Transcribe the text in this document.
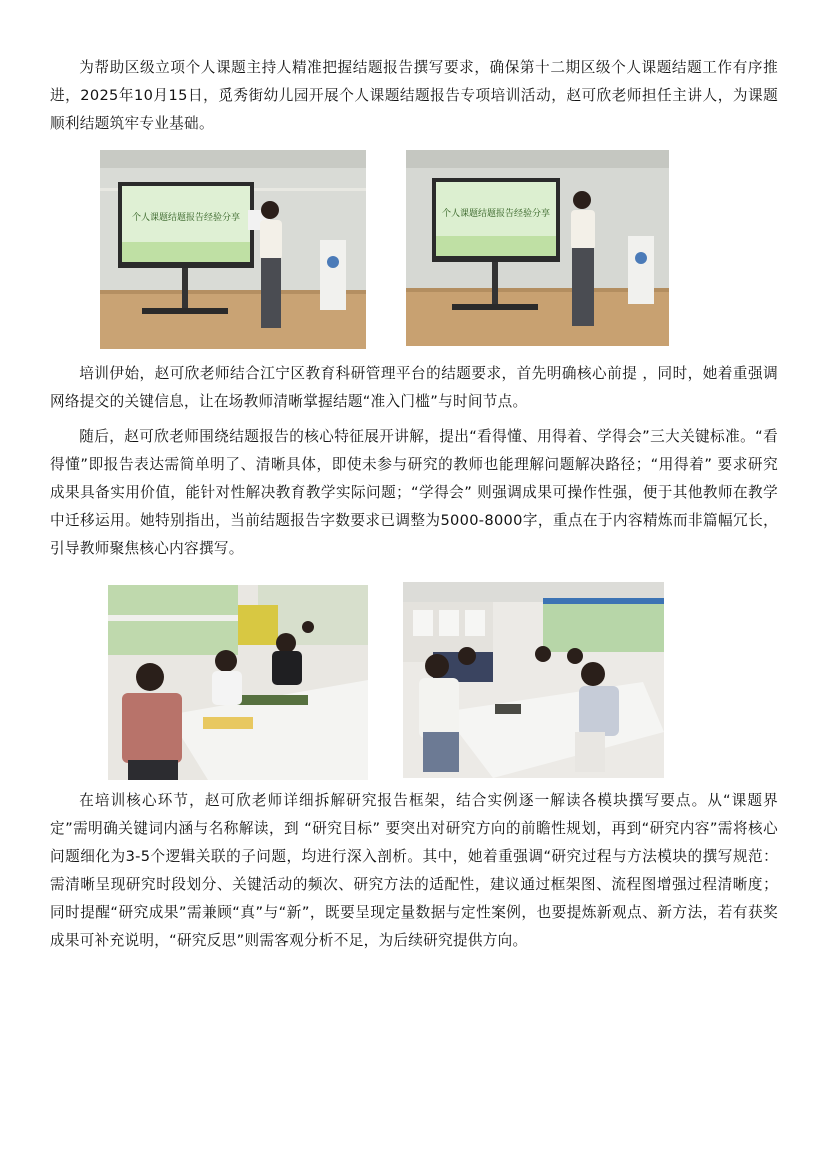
为帮助区级立项个人课题主持人精准把握结题报告撰写要求，确保第十二期区级个人课题结题工作有序推进，2025年10月15日，觅秀街幼儿园开展个人课题结题报告专项培训活动，赵可欣老师担任主讲人，为课题顺利结题筑牢专业基础。

个人课题结题报告经验分享	个人课题结题报告经验分享

培训伊始，赵可欣老师结合江宁区教育科研管理平台的结题要求，首先明确核心前提 ，同时，她着重强调网络提交的关键信息，让在场教师清晰掌握结题“准入门槛”与时间节点。

随后，赵可欣老师围绕结题报告的核心特征展开讲解，提出“看得懂、用得着、学得会”三大关键标准。“看得懂”即报告表达需简单明了、清晰具体，即使未参与研究的教师也能理解问题解决路径；“用得着” 要求研究成果具备实用价值，能针对性解决教育教学实际问题；“学得会” 则强调成果可操作性强，便于其他教师在教学中迁移运用。她特别指出，当前结题报告字数要求已调整为5000-8000字，重点在于内容精炼而非篇幅冗长，引导教师聚焦核心内容撰写。

在培训核心环节，赵可欣老师详细拆解研究报告框架，结合实例逐一解读各模块撰写要点。从“课题界定”需明确关键词内涵与名称解读，到 “研究目标” 要突出对研究方向的前瞻性规划，再到“研究内容”需将核心问题细化为3-5个逻辑关联的子问题，均进行深入剖析。其中，她着重强调“研究过程与方法模块的撰写规范：需清晰呈现研究时段划分、关键活动的频次、研究方法的适配性，建议通过框架图、流程图增强过程清晰度；同时提醒“研究成果”需兼顾“真”与“新”，既要呈现定量数据与定性案例，也要提炼新观点、新方法，若有获奖成果可补充说明，“研究反思”则需客观分析不足，为后续研究提供方向。
